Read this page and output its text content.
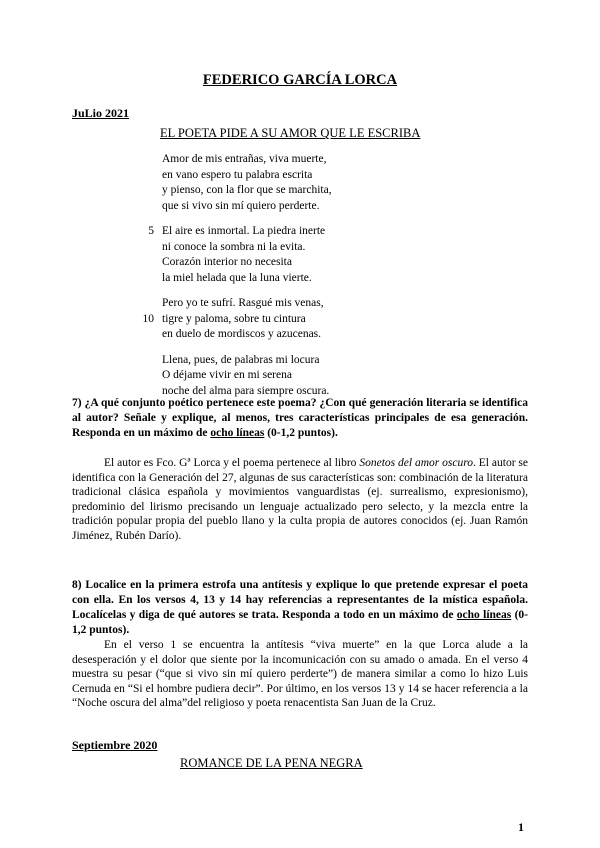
FEDERICO GARCÍA LORCA
JuLio 2021
EL POETA PIDE A SU AMOR QUE LE ESCRIBA
Amor de mis entrañas, viva muerte,
en vano espero tu palabra escrita
y pienso, con la flor que se marchita,
que si vivo sin mí quiero perderte.
5 El aire es inmortal. La piedra inerte
ni conoce la sombra ni la evita.
Corazón interior no necesita
la miel helada que la luna vierte.
Pero yo te sufrí. Rasgué mis venas,
10 tigre y paloma, sobre tu cintura
en duelo de mordiscos y azucenas.
Llena, pues, de palabras mi locura
O déjame vivir en mi serena
noche del alma para siempre oscura.
7) ¿A qué conjunto poético pertenece este poema? ¿Con qué generación literaria se identifica al autor? Señale y explique, al menos, tres características principales de esa generación. Responda en un máximo de ocho líneas (0-1,2 puntos).
El autor es Fco. Gª Lorca y el poema pertenece al libro Sonetos del amor oscuro. El autor se identifica con la Generación del 27, algunas de sus características son: combinación de la literatura tradicional clásica española y movimientos vanguardistas (ej. surrealismo, expresionismo), predominio del lirismo precisando un lenguaje actualizado pero selecto, y la mezcla entre la tradición popular propia del pueblo llano y la culta propia de autores conocidos (ej. Juan Ramón Jiménez, Rubén Darío).
8) Localice en la primera estrofa una antítesis y explique lo que pretende expresar el poeta con ella. En los versos 4, 13 y 14 hay referencias a representantes de la mística española. Localícelas y diga de qué autores se trata. Responda a todo en un máximo de ocho líneas (0-1,2 puntos).
En el verso 1 se encuentra la antítesis “viva muerte” en la que Lorca alude a la desesperación y el dolor que siente por la incomunicación con su amado o amada. En el verso 4 muestra su pesar (“que si vivo sin mí quiero perderte”) de manera similar a como lo hizo Luis Cernuda en “Si el hombre pudiera decir”. Por último, en los versos 13 y 14 se hacer referencia a la “Noche oscura del alma”del religioso y poeta renacentista San Juan de la Cruz.
Septiembre 2020
ROMANCE DE LA PENA NEGRA
1
